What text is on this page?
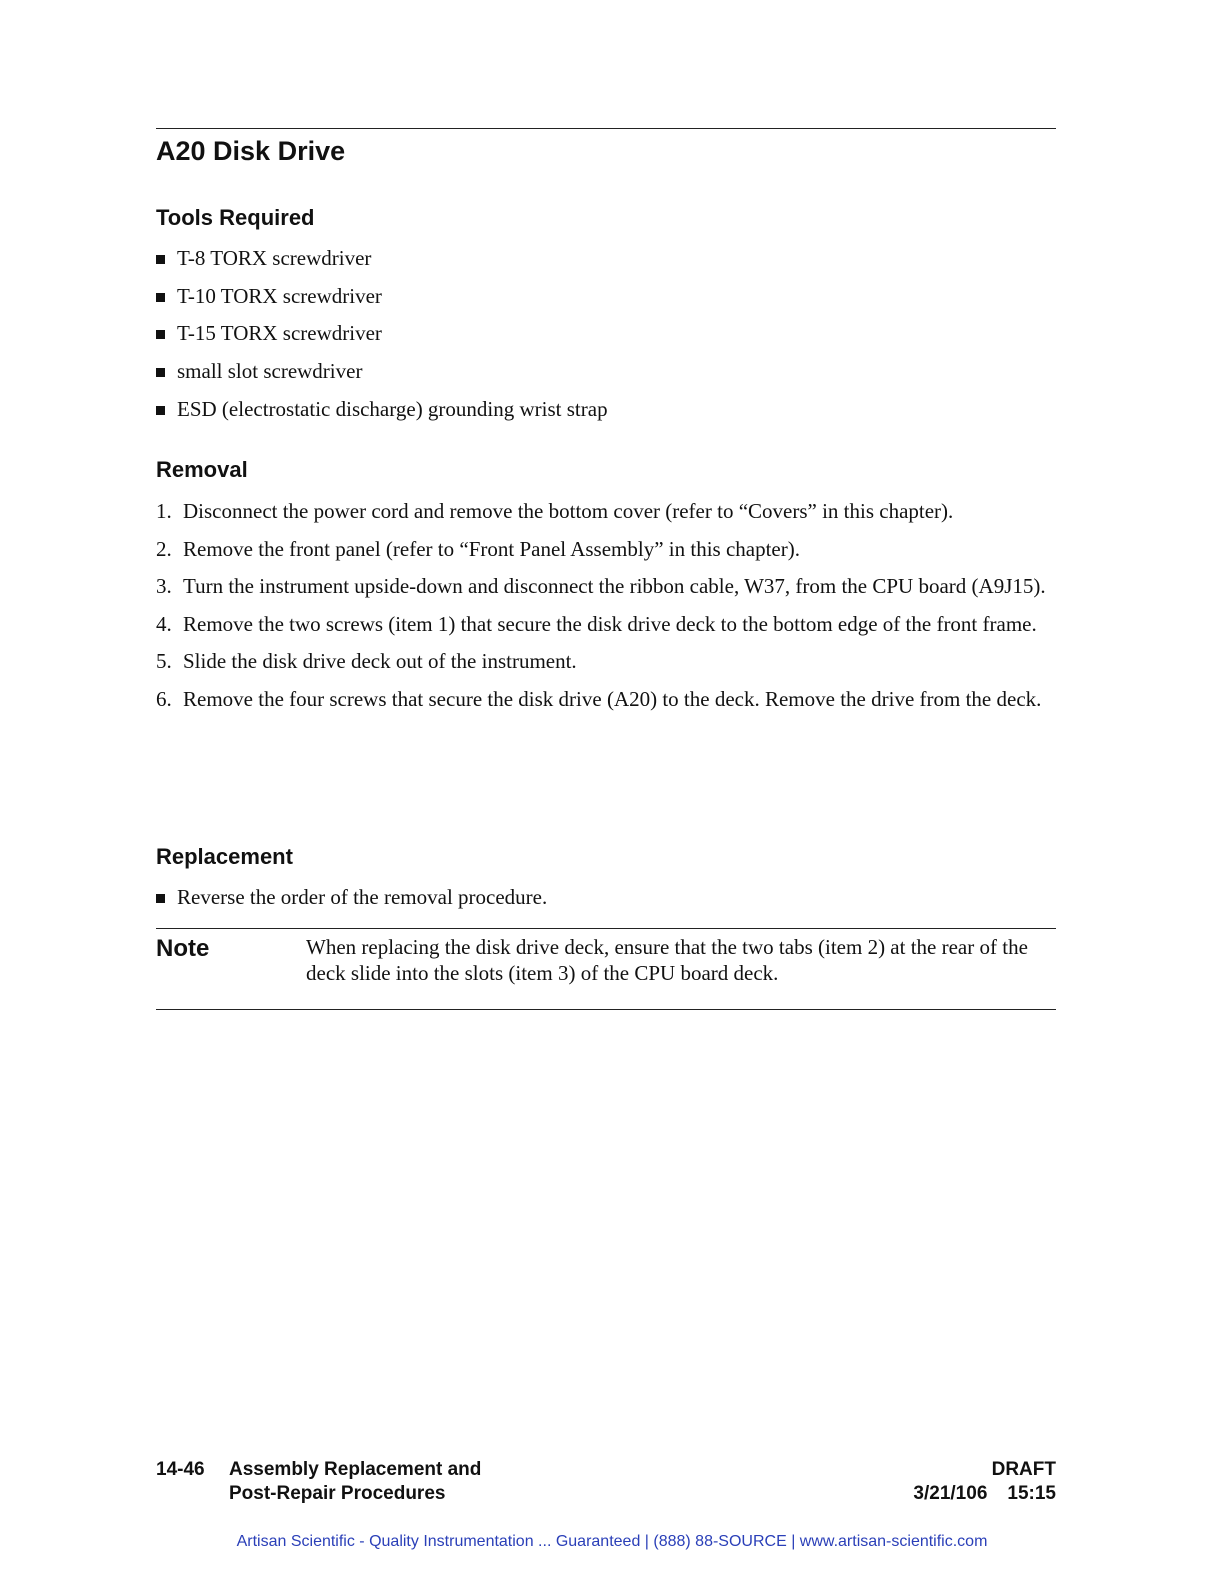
A20 Disk Drive
Tools Required
T-8 TORX screwdriver
T-10 TORX screwdriver
T-15 TORX screwdriver
small slot screwdriver
ESD (electrostatic discharge) grounding wrist strap
Removal
1. Disconnect the power cord and remove the bottom cover (refer to “Covers” in this chapter).
2. Remove the front panel (refer to “Front Panel Assembly” in this chapter).
3. Turn the instrument upside-down and disconnect the ribbon cable, W37, from the CPU board (A9J15).
4. Remove the two screws (item 1) that secure the disk drive deck to the bottom edge of the front frame.
5. Slide the disk drive deck out of the instrument.
6. Remove the four screws that secure the disk drive (A20) to the deck. Remove the drive from the deck.
Replacement
Reverse the order of the removal procedure.
Note	When replacing the disk drive deck, ensure that the two tabs (item 2) at the rear of the deck slide into the slots (item 3) of the CPU board deck.
14-46 Assembly Replacement and
Post-Repair Procedures
DRAFT
3/21/106 15:15
Artisan Scientific - Quality Instrumentation ... Guaranteed | (888) 88-SOURCE | www.artisan-scientific.com
